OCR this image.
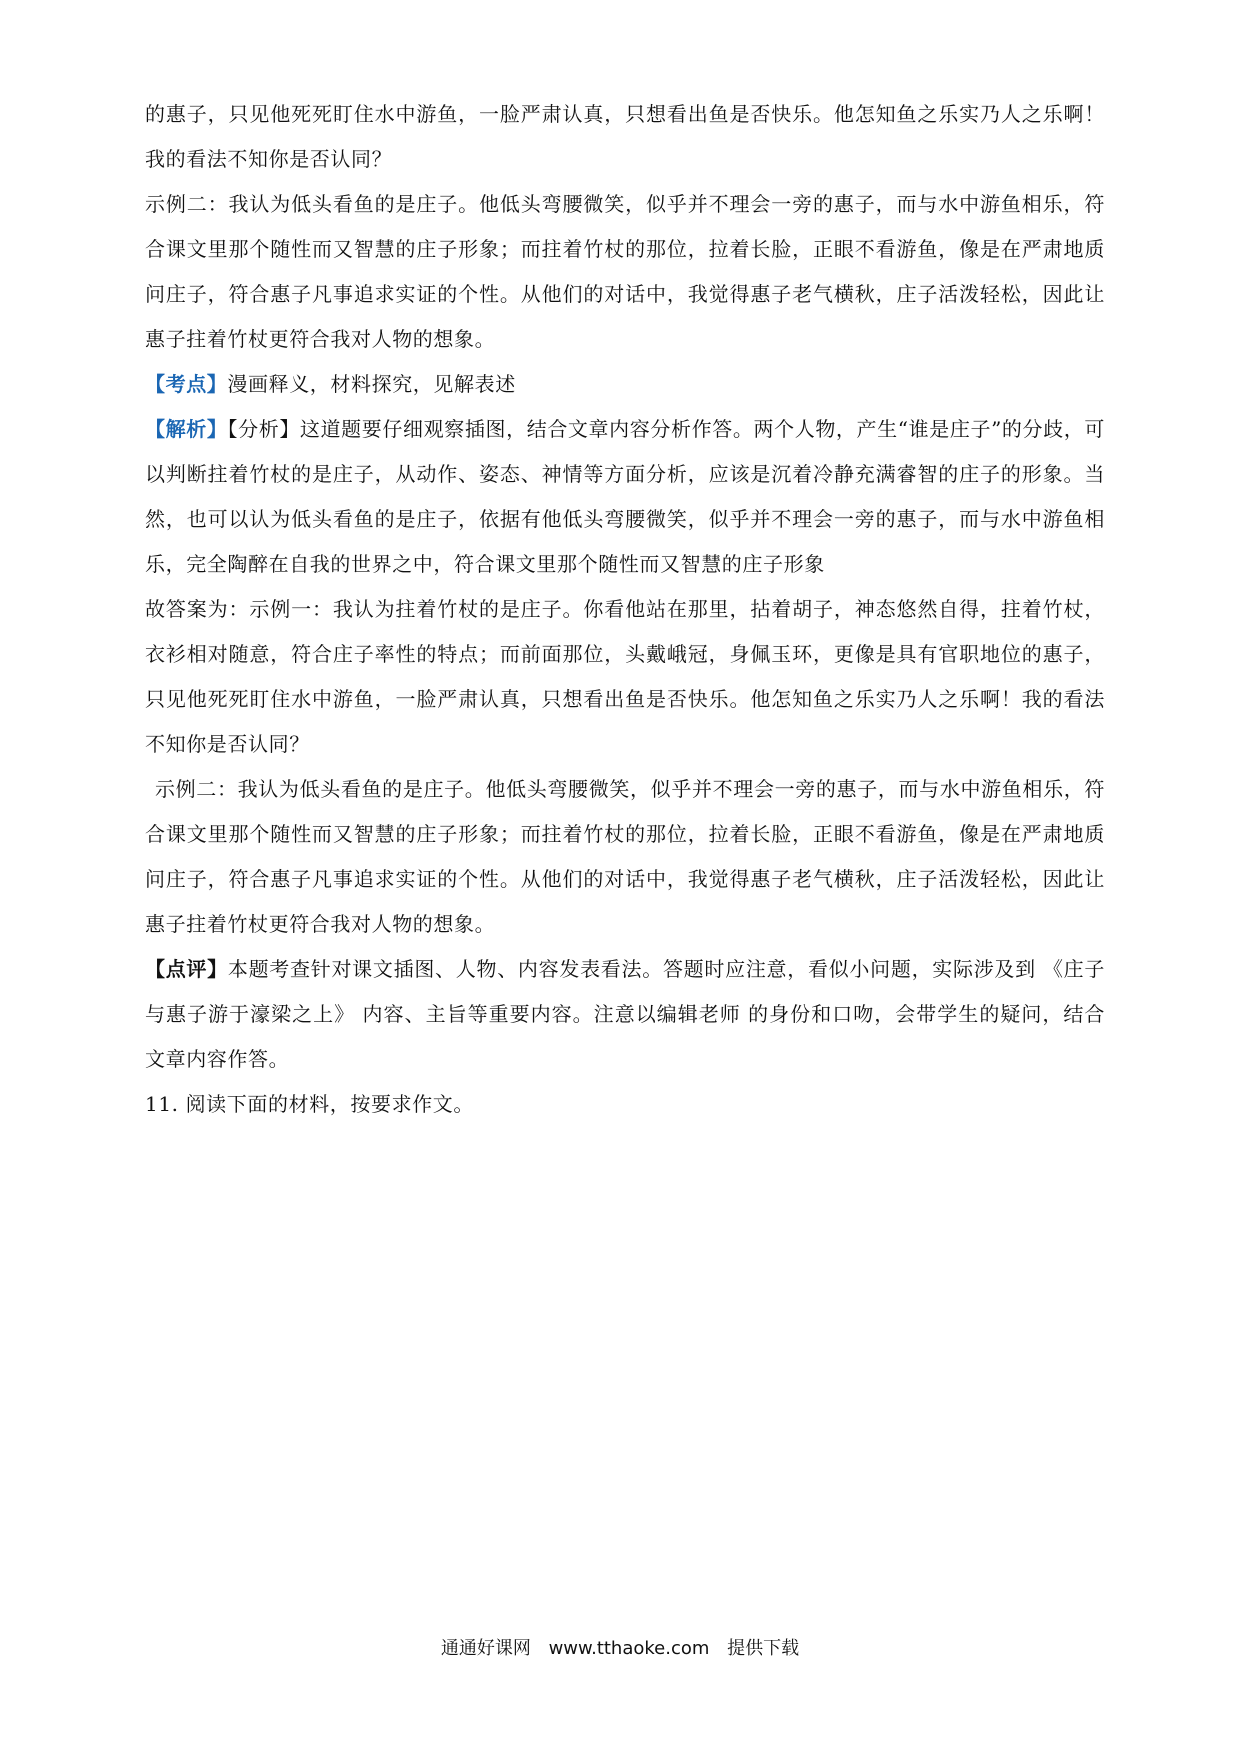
的惠子，只见他死死盯住水中游鱼，一脸严肃认真，只想看出鱼是否快乐。他怎知鱼之乐实乃人之乐啊！我的看法不知你是否认同？

示例二：我认为低头看鱼的是庄子。他低头弯腰微笑，似乎并不理会一旁的惠子，而与水中游鱼相乐，符合课文里那个随性而又智慧的庄子形象；而拄着竹杖的那位，拉着长脸，正眼不看游鱼，像是在严肃地质问庄子，符合惠子凡事追求实证的个性。从他们的对话中，我觉得惠子老气横秋，庄子活泼轻松，因此让惠子拄着竹杖更符合我对人物的想象。

【考点】漫画释义，材料探究，见解表述

【解析】【分析】这道题要仔细观察插图，结合文章内容分析作答。两个人物，产生“谁是庄子”的分歧，可以判断拄着竹杖的是庄子，从动作、姿态、神情等方面分析，应该是沉着冷静充满睿智的庄子的形象。当然，也可以认为低头看鱼的是庄子，依据有他低头弯腰微笑，似乎并不理会一旁的惠子，而与水中游鱼相乐，完全陶醉在自我的世界之中，符合课文里那个随性而又智慧的庄子形象

故答案为：示例一：我认为拄着竹杖的是庄子。你看他站在那里，拈着胡子，神态悠然自得，拄着竹杖，衣衫相对随意，符合庄子率性的特点；而前面那位，头戴峨冠，身佩玉环，更像是具有官职地位的惠子，只见他死死盯住水中游鱼，一脸严肃认真，只想看出鱼是否快乐。他怎知鱼之乐实乃人之乐啊！我的看法不知你是否认同？

示例二：我认为低头看鱼的是庄子。他低头弯腰微笑，似乎并不理会一旁的惠子，而与水中游鱼相乐，符合课文里那个随性而又智慧的庄子形象；而拄着竹杖的那位，拉着长脸，正眼不看游鱼，像是在严肃地质问庄子，符合惠子凡事追求实证的个性。从他们的对话中，我觉得惠子老气横秋，庄子活泼轻松，因此让惠子拄着竹杖更符合我对人物的想象。

【点评】本题考查针对课文插图、人物、内容发表看法。答题时应注意，看似小问题，实际涉及到 《庄子与惠子游于濠梁之上》 内容、主旨等重要内容。注意以编辑老师 的身份和口吻，会带学生的疑问，结合文章内容作答。

11. 阅读下面的材料，按要求作文。

通通好课网 www.tthaoke.com 提供下载
